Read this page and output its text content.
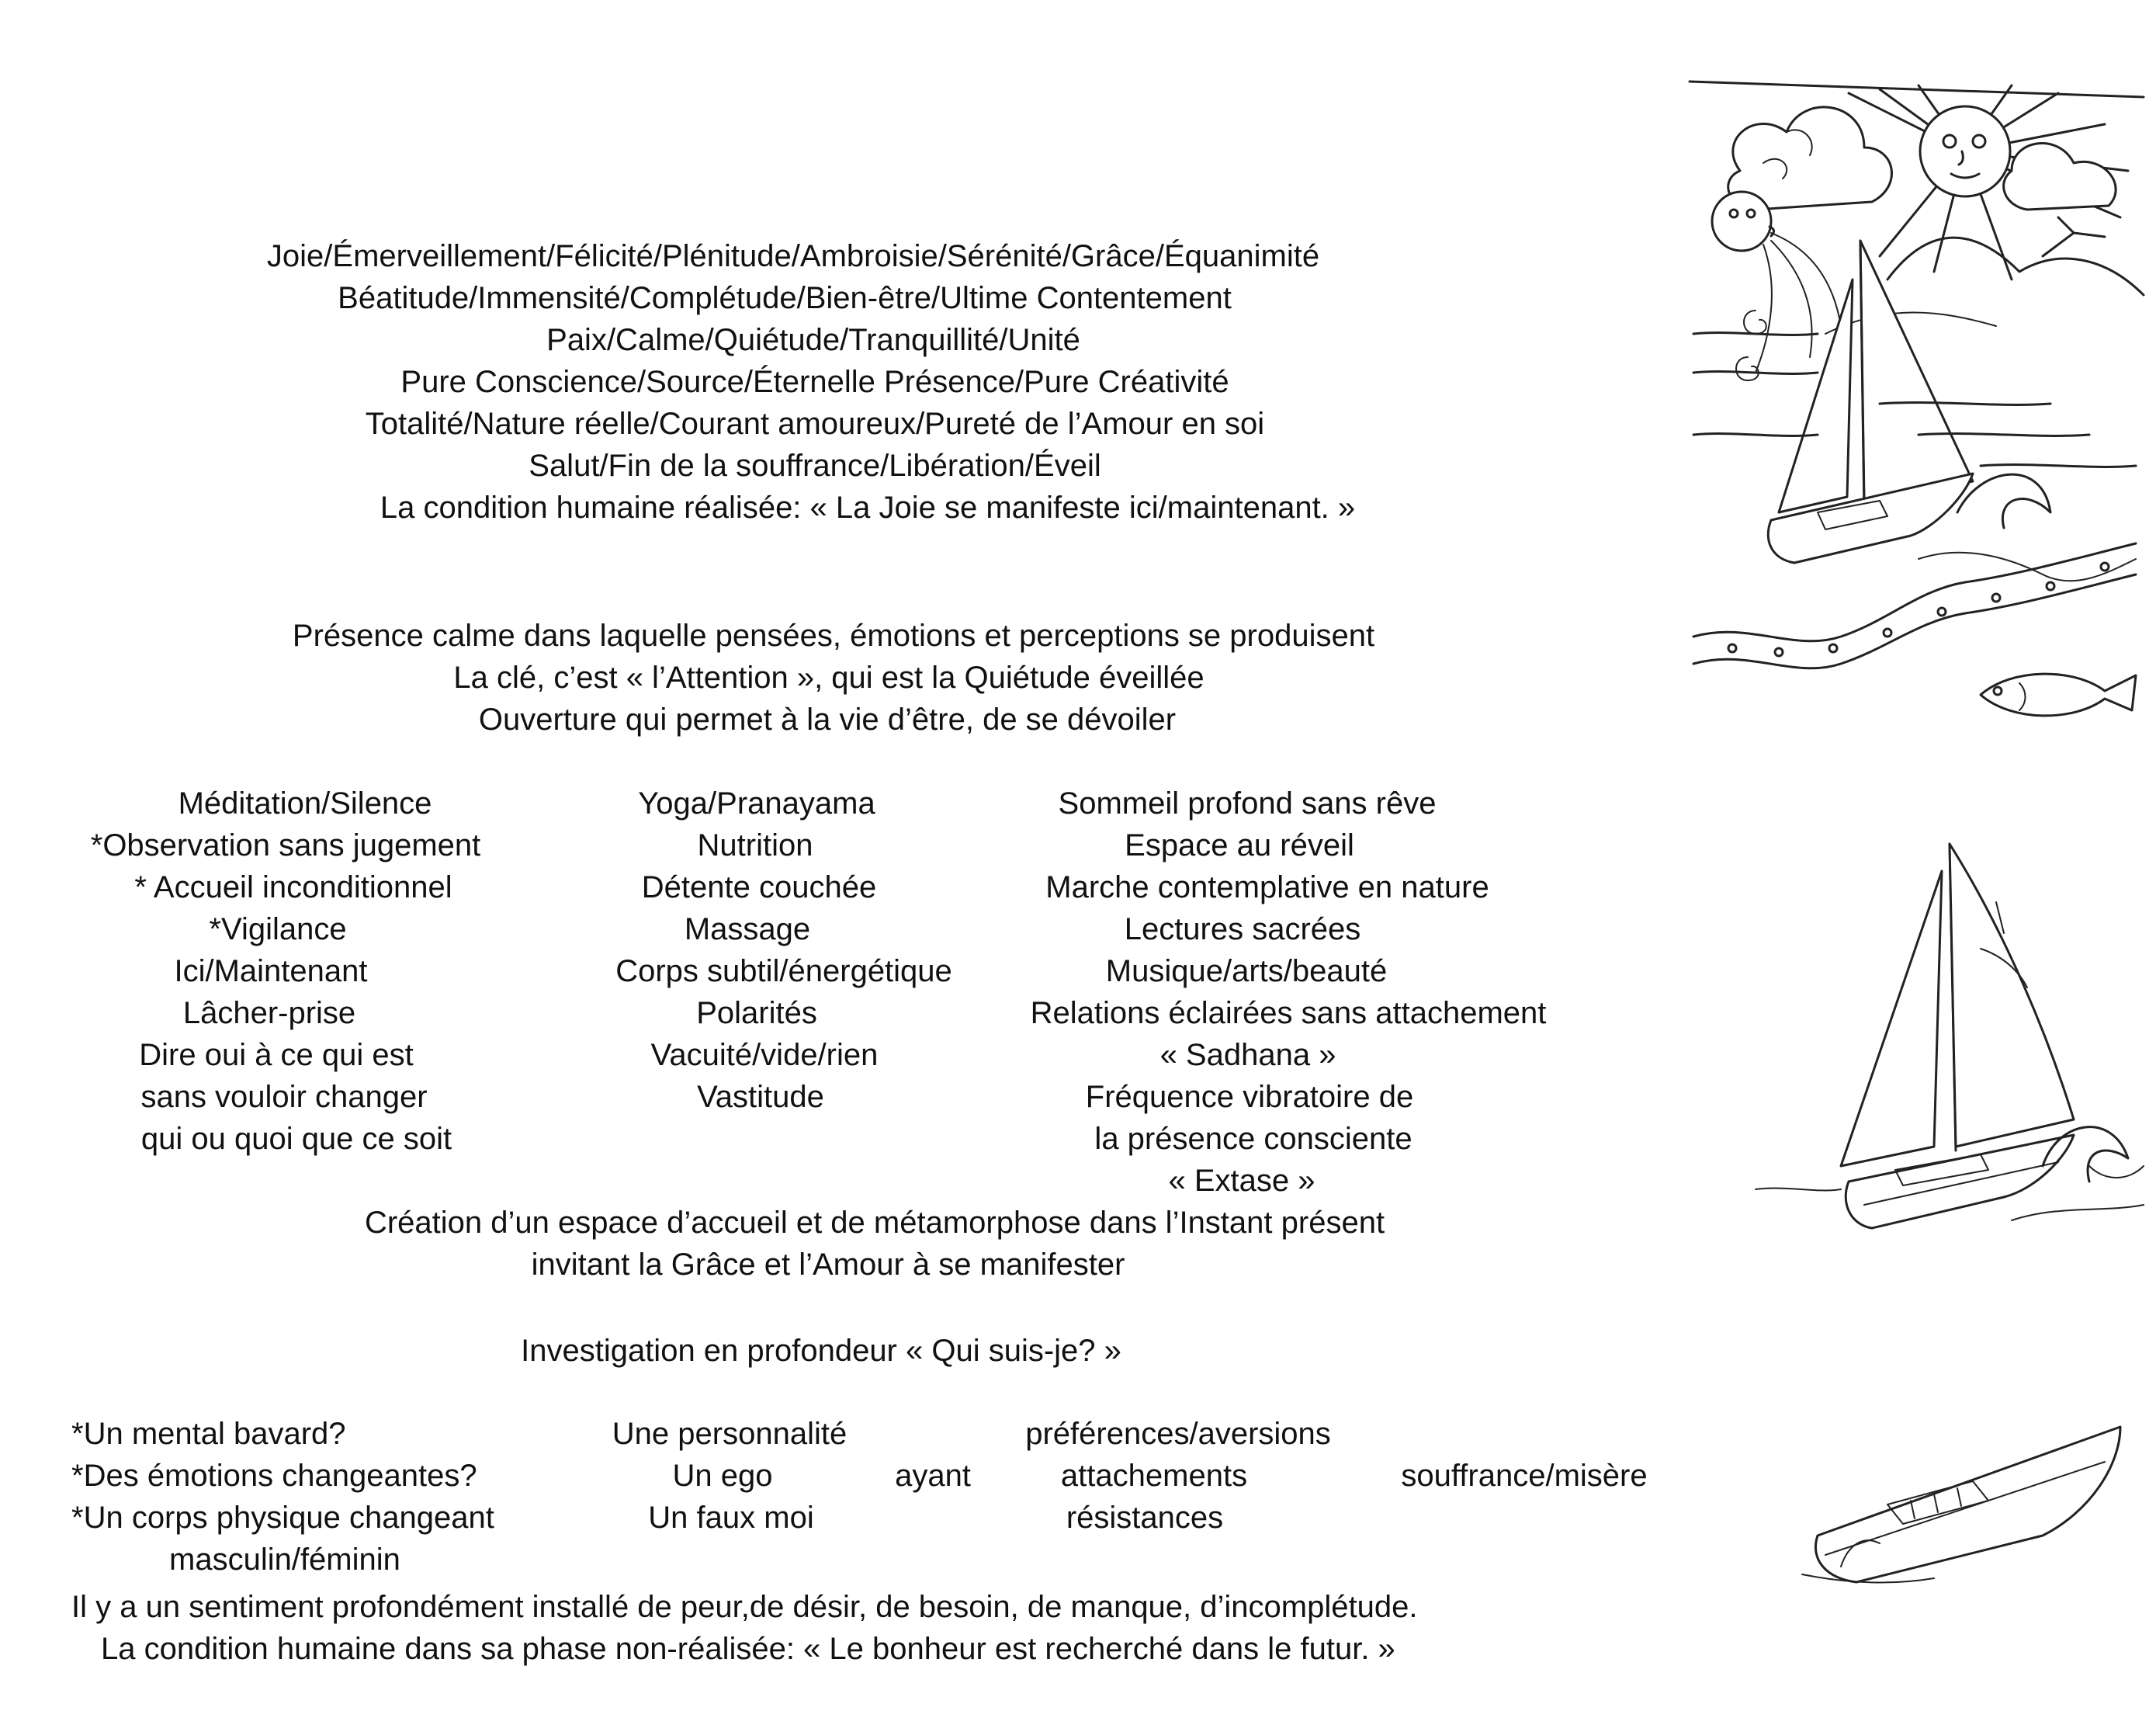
Joie/Émerveillement/Félicité/Plénitude/Ambroisie/Sérénité/Grâce/Équanimité
Béatitude/Immensité/Complétude/Bien-être/Ultime Contentement
Paix/Calme/Quiétude/Tranquillité/Unité
Pure Conscience/Source/Éternelle Présence/Pure Créativité
Totalité/Nature réelle/Courant amoureux/Pureté de l’Amour en soi
Salut/Fin de la souffrance/Libération/Éveil
La condition humaine réalisée: « La Joie se manifeste ici/maintenant. »
Présence calme dans laquelle pensées, émotions et perceptions se produisent
La clé, c’est « l’Attention », qui est la Quiétude éveillée
Ouverture qui permet à la vie d’être, de se dévoiler
Méditation/Silence
*Observation sans jugement
* Accueil inconditionnel
*Vigilance
Ici/Maintenant
Lâcher-prise
Dire oui à ce qui est
sans vouloir changer
qui ou quoi que ce soit
Yoga/Pranayama
Nutrition
Détente couchée
Massage
Corps subtil/énergétique
Polarités
Vacuité/vide/rien
Vastitude
Sommeil profond sans rêve
Espace au réveil
Marche contemplative en nature
Lectures sacrées
Musique/arts/beauté
Relations éclairées sans attachement
« Sadhana »
Fréquence vibratoire de
la présence consciente
« Extase »
Création d’un espace d’accueil et de métamorphose dans l’Instant présent
invitant la Grâce et l’Amour à se manifester
Investigation en profondeur « Qui suis-je? »
*Un mental bavard?
*Des émotions changeantes?
*Un corps physique changeant
masculin/féminin
Une personnalité
Un ego
Un faux moi
ayant
préférences/aversions
attachements
résistances
souffrance/misère
Il y a un sentiment profondément installé de peur,de désir, de besoin, de manque, d’incomplétude.
La condition humaine dans sa phase non-réalisée: « Le bonheur est recherché dans le futur. »
